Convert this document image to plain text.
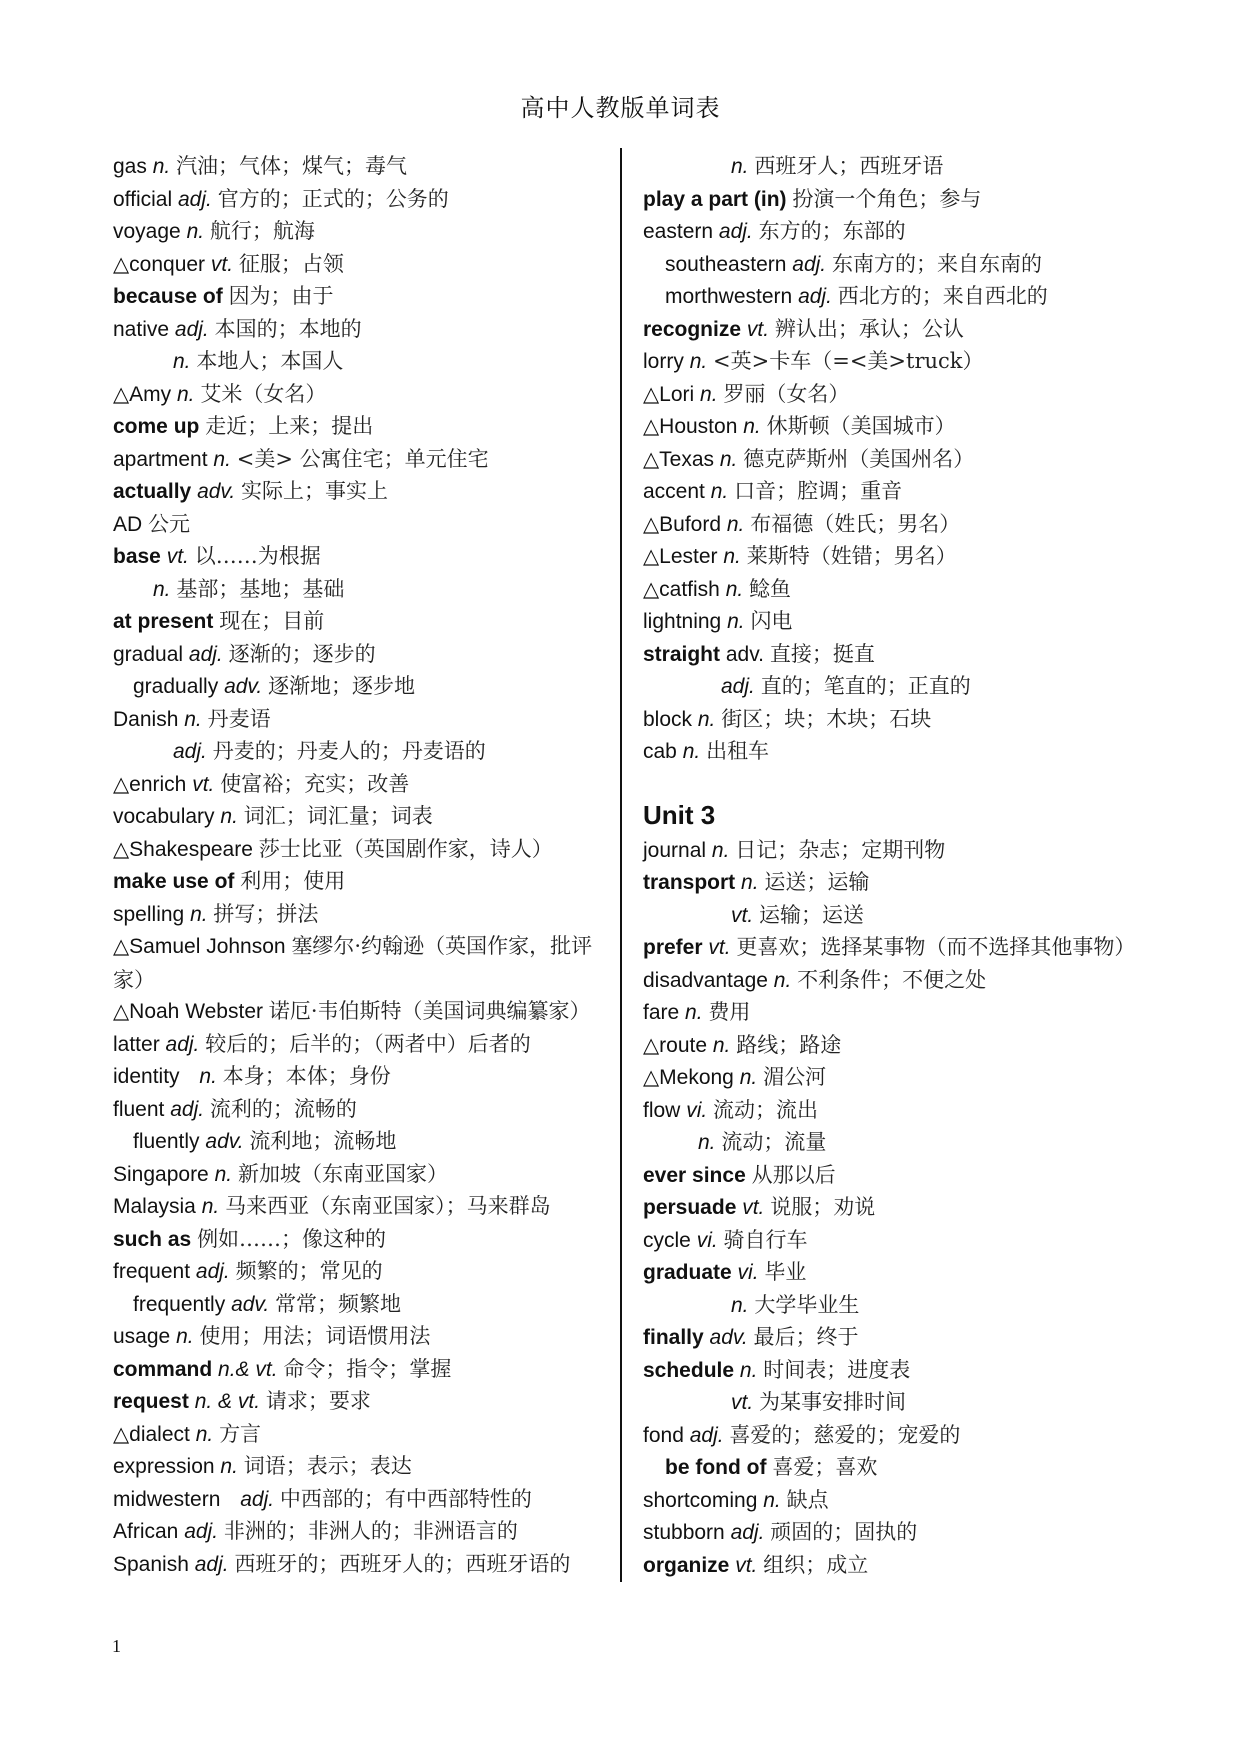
高中人教版单词表
gas n. 汽油；气体；煤气；毒气
official adj. 官方的；正式的；公务的
voyage n. 航行；航海
△conquer vt. 征服；占领
because of 因为；由于
native adj. 本国的；本地的
n. 本地人；本国人
△Amy n. 艾米（女名）
come up 走近；上来；提出
apartment n. <美> 公寓住宅；单元住宅
actually adv. 实际上；事实上
AD 公元
base vt. 以……为根据
n. 基部；基地；基础
at present 现在；目前
gradual adj. 逐渐的；逐步的
gradually adv. 逐渐地；逐步地
Danish n. 丹麦语
adj. 丹麦的；丹麦人的；丹麦语的
△enrich vt. 使富裕；充实；改善
vocabulary n. 词汇；词汇量；词表
△Shakespeare 莎士比亚（英国剧作家，诗人）
make use of 利用；使用
spelling n. 拼写；拼法
△Samuel Johnson 塞缪尔·约翰逊（英国作家，批评家）
△Noah Webster 诺厄·韦伯斯特（美国词典编纂家）
latter adj. 较后的；后半的；（两者中）后者的
identity n. 本身；本体；身份
fluent adj. 流利的；流畅的
fluently adv. 流利地；流畅地
Singapore n. 新加坡（东南亚国家）
Malaysia n. 马来西亚（东南亚国家）；马来群岛
such as 例如……；像这种的
frequent adj. 频繁的；常见的
frequently adv. 常常；频繁地
usage n. 使用；用法；词语惯用法
command n.& vt. 命令；指令；掌握
request n. & vt. 请求；要求
△dialect n. 方言
expression n. 词语；表示；表达
midwestern adj. 中西部的；有中西部特性的
African adj. 非洲的；非洲人的；非洲语言的
Spanish adj. 西班牙的；西班牙人的；西班牙语的
n. 西班牙人；西班牙语
play a part (in) 扮演一个角色；参与
eastern adj. 东方的；东部的
southeastern adj. 东南方的；来自东南的
morthwestern adj. 西北方的；来自西北的
recognize vt. 辨认出；承认；公认
lorry n. <英>卡车（=<美>truck）
△Lori n. 罗丽（女名）
△Houston n. 休斯顿（美国城市）
△Texas n. 德克萨斯州（美国州名）
accent n. 口音；腔调；重音
△Buford n. 布福德（姓氏；男名）
△Lester n. 莱斯特（姓错；男名）
△catfish n. 鲶鱼
lightning n. 闪电
straight adv. 直接；挺直
adj. 直的；笔直的；正直的
block n. 街区；块；木块；石块
cab n. 出租车
Unit 3
journal n. 日记；杂志；定期刊物
transport n. 运送；运输
vt. 运输；运送
prefer vt. 更喜欢；选择某事物（而不选择其他事物）
disadvantage n. 不利条件；不便之处
fare n. 费用
△route n. 路线；路途
△Mekong n. 湄公河
flow vi. 流动；流出
n. 流动；流量
ever since 从那以后
persuade vt. 说服；劝说
cycle vi. 骑自行车
graduate vi. 毕业
n. 大学毕业生
finally adv. 最后；终于
schedule n. 时间表；进度表
vt. 为某事安排时间
fond adj. 喜爱的；慈爱的；宠爱的
be fond of 喜爱；喜欢
shortcoming n. 缺点
stubborn adj. 顽固的；固执的
organize vt. 组织；成立
1
